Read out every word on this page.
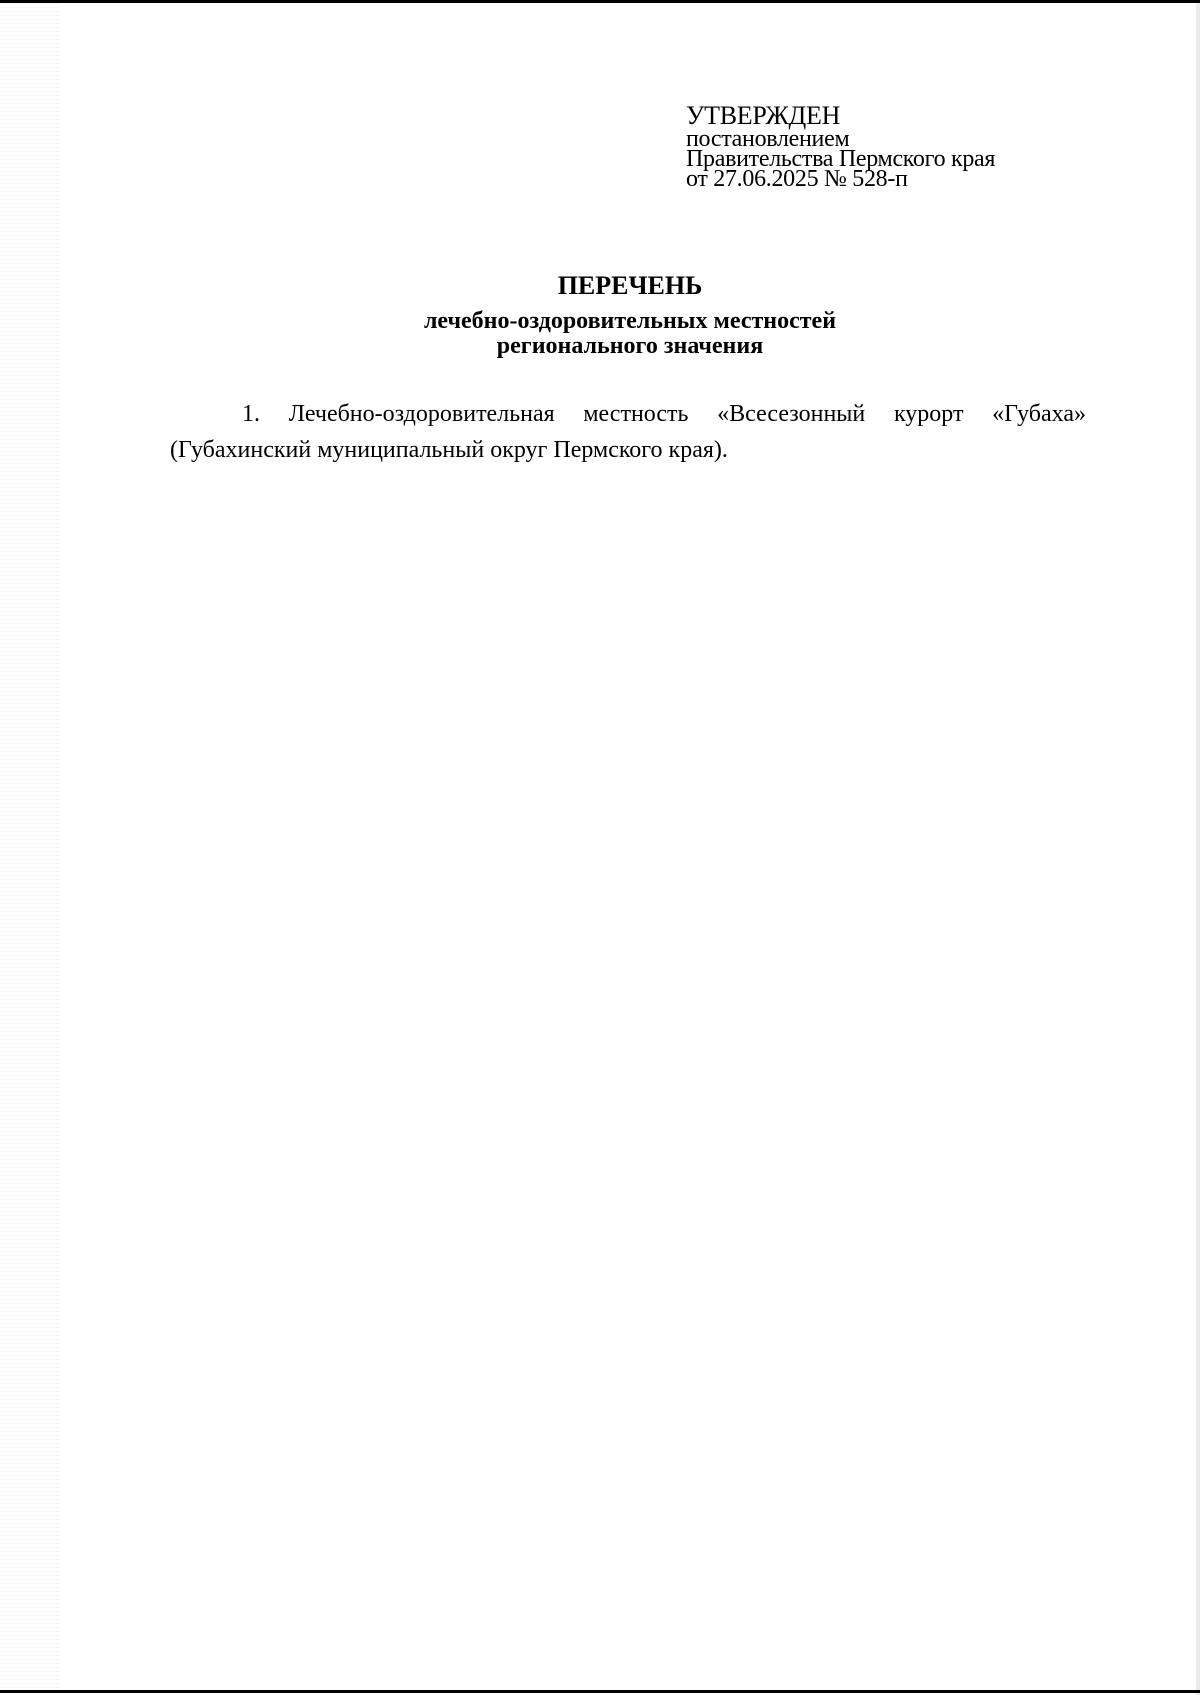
УТВЕРЖДЕН
постановлением
Правительства Пермского края
от 27.06.2025 № 528-п
ПЕРЕЧЕНЬ
лечебно-оздоровительных местностей
регионального значения
1. Лечебно-оздоровительная местность «Всесезонный курорт «Губаха» (Губахинский муниципальный округ Пермского края).
